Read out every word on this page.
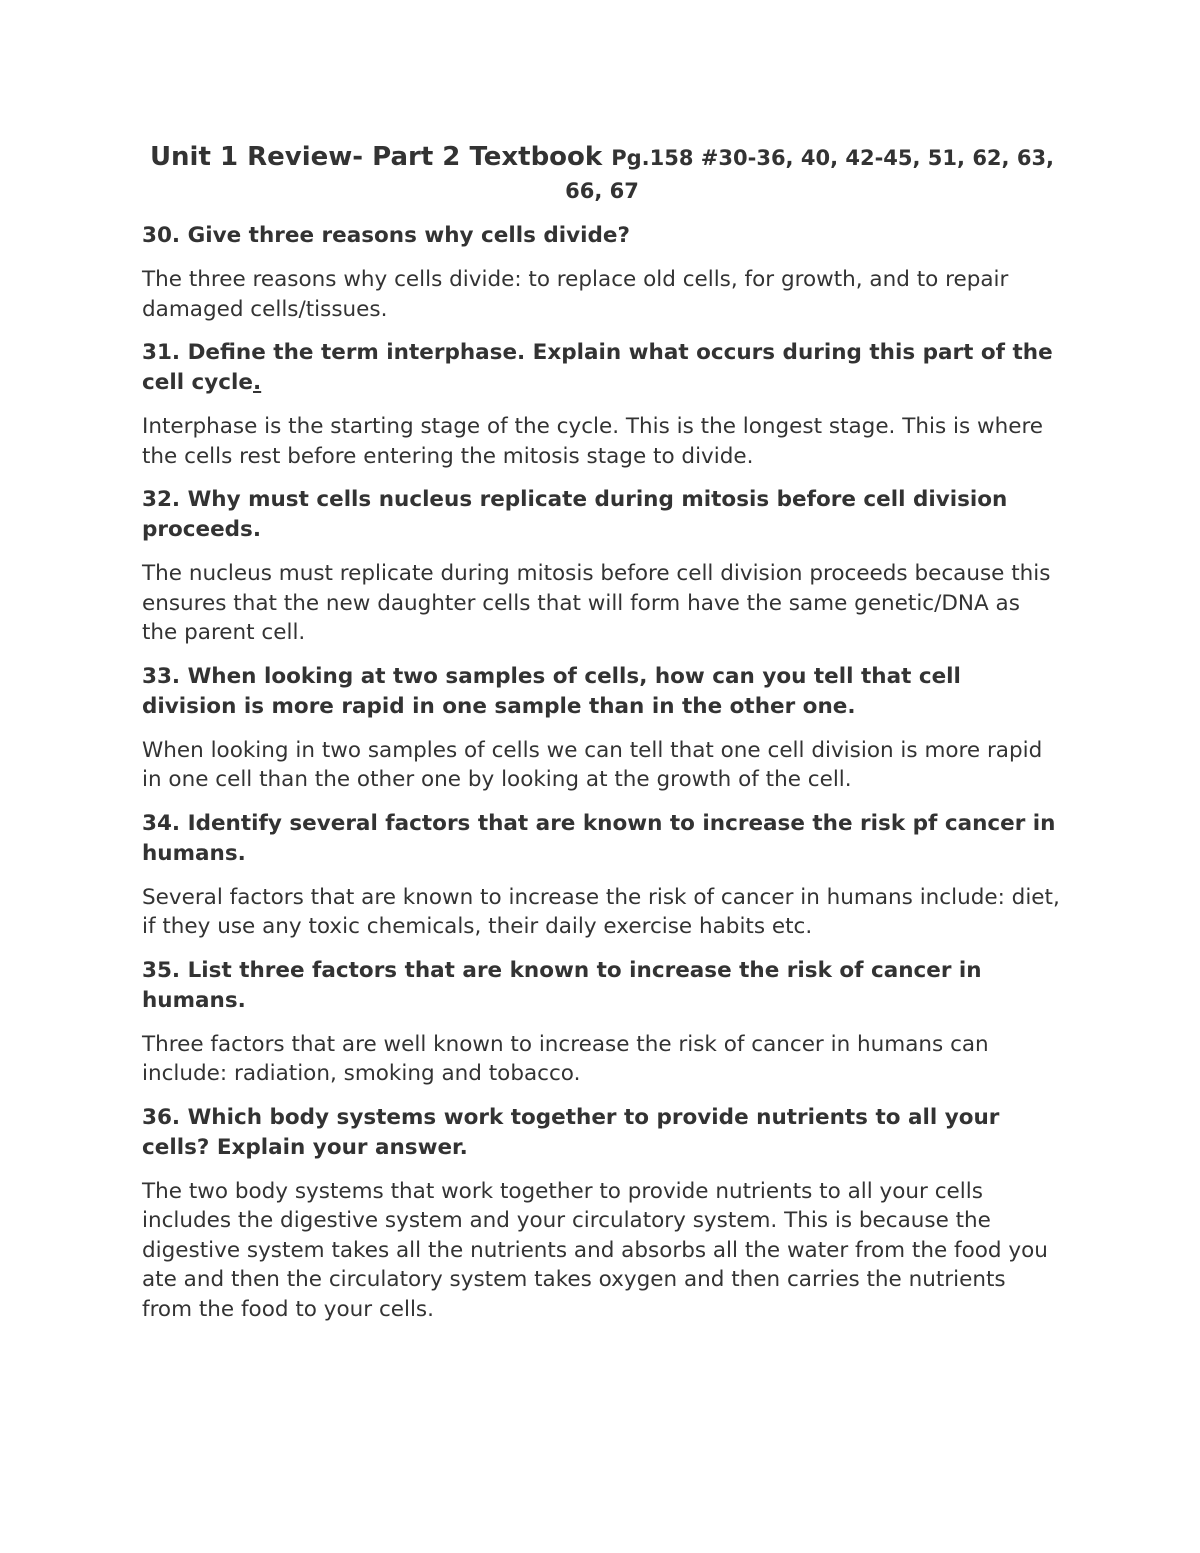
Unit 1 Review- Part 2 Textbook Pg.158 #30-36, 40, 42-45, 51, 62, 63, 66, 67

30. Give three reasons why cells divide?

The three reasons why cells divide: to replace old cells, for growth, and to repair damaged cells/tissues.

31. Define the term interphase. Explain what occurs during this part of the cell cycle.

Interphase is the starting stage of the cycle. This is the longest stage. This is where the cells rest before entering the mitosis stage to divide.

32. Why must cells nucleus replicate during mitosis before cell division proceeds.

The nucleus must replicate during mitosis before cell division proceeds because this ensures that the new daughter cells that will form have the same genetic/DNA as the parent cell.

33. When looking at two samples of cells, how can you tell that cell division is more rapid in one sample than in the other one.

When looking in two samples of cells we can tell that one cell division is more rapid in one cell than the other one by looking at the growth of the cell.

34. Identify several factors that are known to increase the risk pf cancer in humans.

Several factors that are known to increase the risk of cancer in humans include: diet, if they use any toxic chemicals, their daily exercise habits etc.

35. List three factors that are known to increase the risk of cancer in humans.

Three factors that are well known to increase the risk of cancer in humans can include: radiation, smoking and tobacco.

36. Which body systems work together to provide nutrients to all your cells? Explain your answer.

The two body systems that work together to provide nutrients to all your cells includes the digestive system and your circulatory system. This is because the digestive system takes all the nutrients and absorbs all the water from the food you ate and then the circulatory system takes oxygen and then carries the nutrients from the food to your cells.
